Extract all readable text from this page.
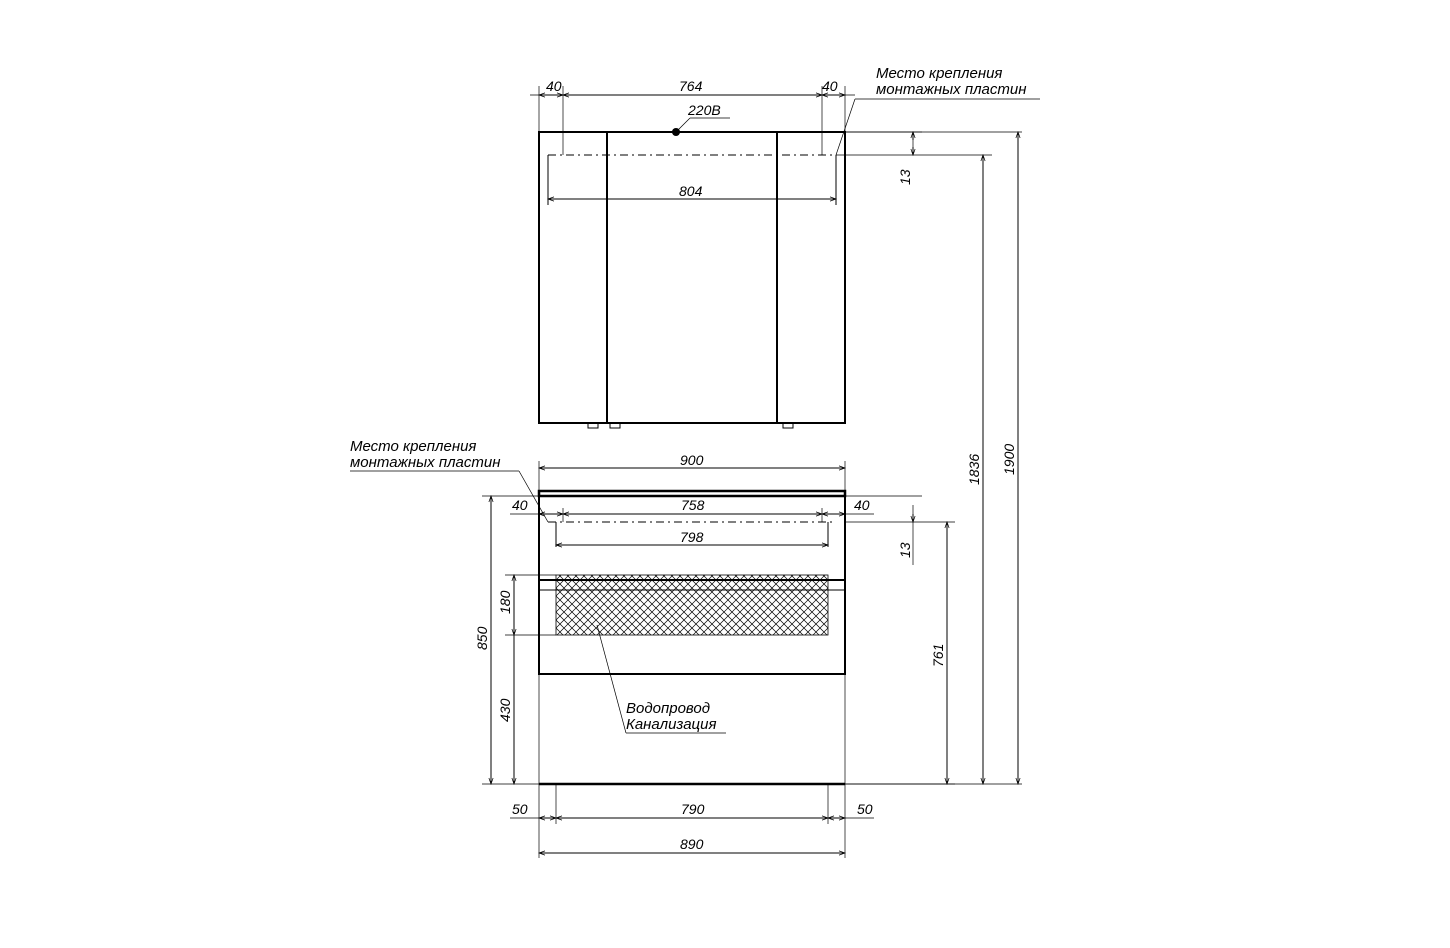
220В
40	764	40
804
Место крепления
монтажных пластин
13
1900
1836
900
40	758	40
798
Место крепления
монтажных пластин
13
761
850
180
430	Водопровод
Канализация
50	790	50
890
